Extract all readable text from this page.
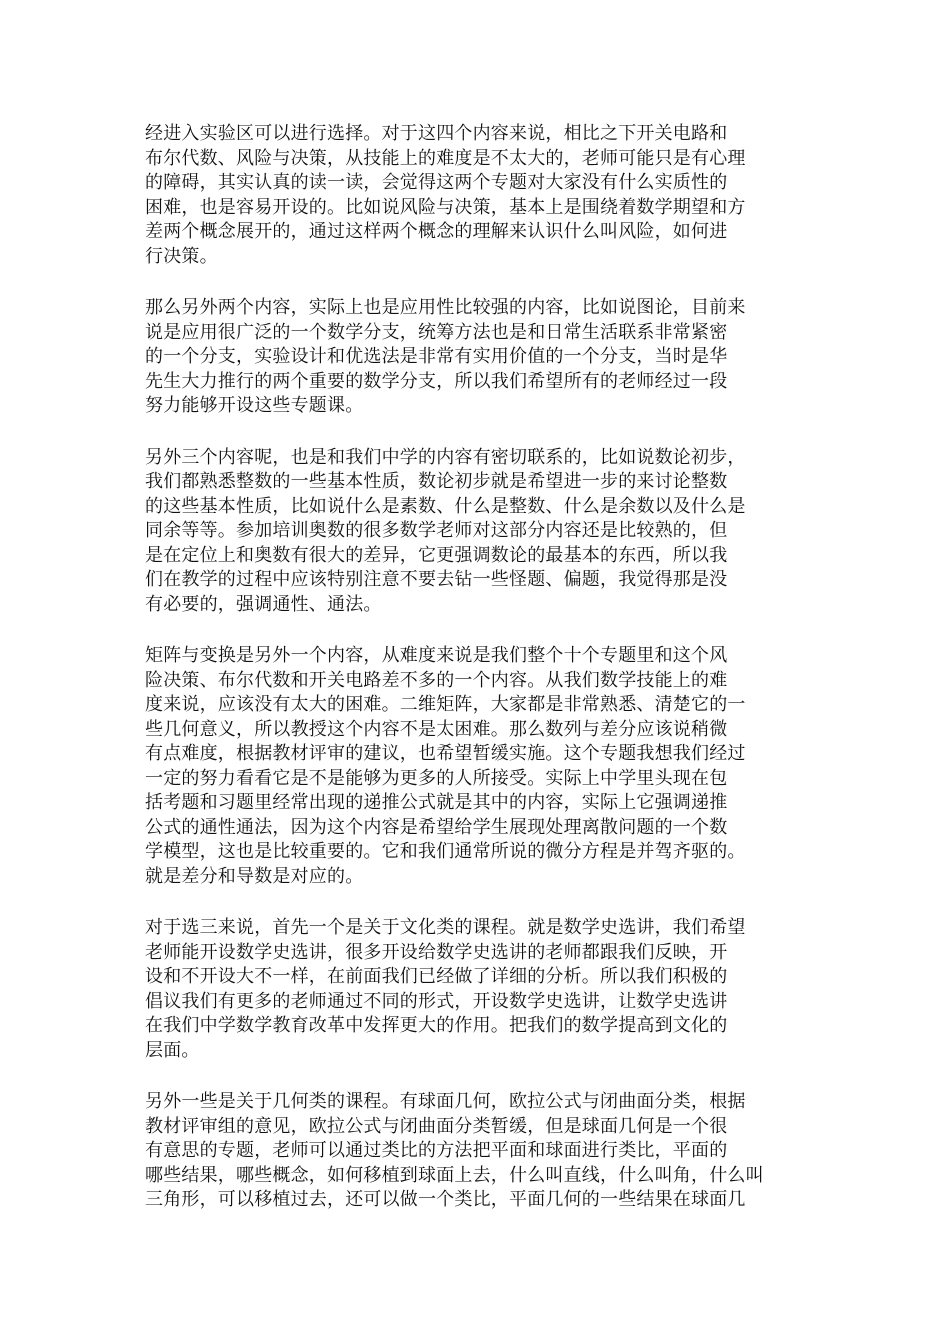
经进入实验区可以进行选择。对于这四个内容来说，相比之下开关电路和
布尔代数、风险与决策，从技能上的难度是不太大的，老师可能只是有心理
的障碍，其实认真的读一读，会觉得这两个专题对大家没有什么实质性的
困难，也是容易开设的。比如说风险与决策，基本上是围绕着数学期望和方
差两个概念展开的，通过这样两个概念的理解来认识什么叫风险，如何进
行决策。

那么另外两个内容，实际上也是应用性比较强的内容，比如说图论，目前来
说是应用很广泛的一个数学分支，统筹方法也是和日常生活联系非常紧密
的一个分支，实验设计和优选法是非常有实用价值的一个分支，当时是华
先生大力推行的两个重要的数学分支，所以我们希望所有的老师经过一段
努力能够开设这些专题课。

另外三个内容呢，也是和我们中学的内容有密切联系的，比如说数论初步，
我们都熟悉整数的一些基本性质，数论初步就是希望进一步的来讨论整数
的这些基本性质，比如说什么是素数、什么是整数、什么是余数以及什么是
同余等等。参加培训奥数的很多数学老师对这部分内容还是比较熟的，但
是在定位上和奥数有很大的差异，它更强调数论的最基本的东西，所以我
们在教学的过程中应该特别注意不要去钻一些怪题、偏题，我觉得那是没
有必要的，强调通性、通法。

矩阵与变换是另外一个内容，从难度来说是我们整个十个专题里和这个风
险决策、布尔代数和开关电路差不多的一个内容。从我们数学技能上的难
度来说，应该没有太大的困难。二维矩阵，大家都是非常熟悉、清楚它的一
些几何意义，所以教授这个内容不是太困难。那么数列与差分应该说稍微
有点难度，根据教材评审的建议，也希望暂缓实施。这个专题我想我们经过
一定的努力看看它是不是能够为更多的人所接受。实际上中学里头现在包
括考题和习题里经常出现的递推公式就是其中的内容，实际上它强调递推
公式的通性通法，因为这个内容是希望给学生展现处理离散问题的一个数
学模型，这也是比较重要的。它和我们通常所说的微分方程是并驾齐驱的。
就是差分和导数是对应的。

对于选三来说，首先一个是关于文化类的课程。就是数学史选讲，我们希望
老师能开设数学史选讲，很多开设给数学史选讲的老师都跟我们反映，开
设和不开设大不一样，在前面我们已经做了详细的分析。所以我们积极的
倡议我们有更多的老师通过不同的形式，开设数学史选讲，让数学史选讲
在我们中学数学教育改革中发挥更大的作用。把我们的数学提高到文化的
层面。

另外一些是关于几何类的课程。有球面几何，欧拉公式与闭曲面分类，根据
教材评审组的意见，欧拉公式与闭曲面分类暂缓，但是球面几何是一个很
有意思的专题，老师可以通过类比的方法把平面和球面进行类比，平面的
哪些结果，哪些概念，如何移植到球面上去，什么叫直线，什么叫角，什么叫
三角形，可以移植过去，还可以做一个类比，平面几何的一些结果在球面几
